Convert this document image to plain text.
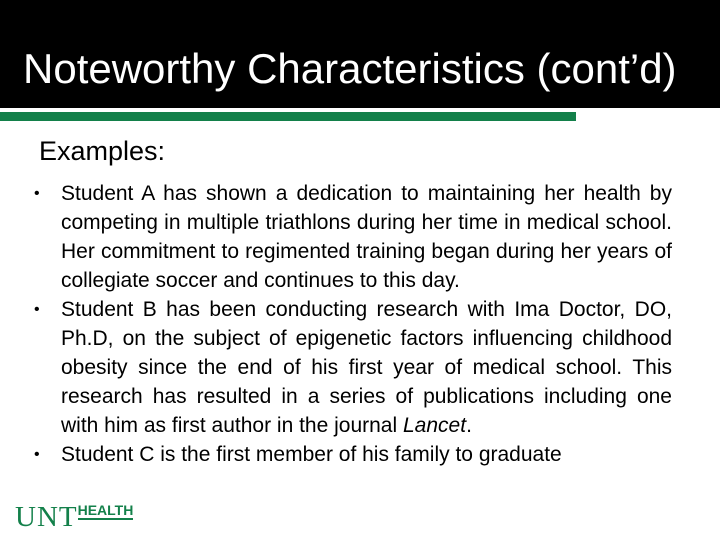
Noteworthy Characteristics (cont’d)
Examples:
• Student A has shown a dedication to maintaining her health by competing in multiple triathlons during her time in medical school. Her commitment to regimented training began during her years of collegiate soccer and continues to this day.
• Student B has been conducting research with Ima Doctor, DO, Ph.D, on the subject of epigenetic factors influencing childhood obesity since the end of his first year of medical school. This research has resulted in a series of publications including one with him as first author in the journal Lancet.
• Student C is the first member of his family to graduate
UNTHEALTH
